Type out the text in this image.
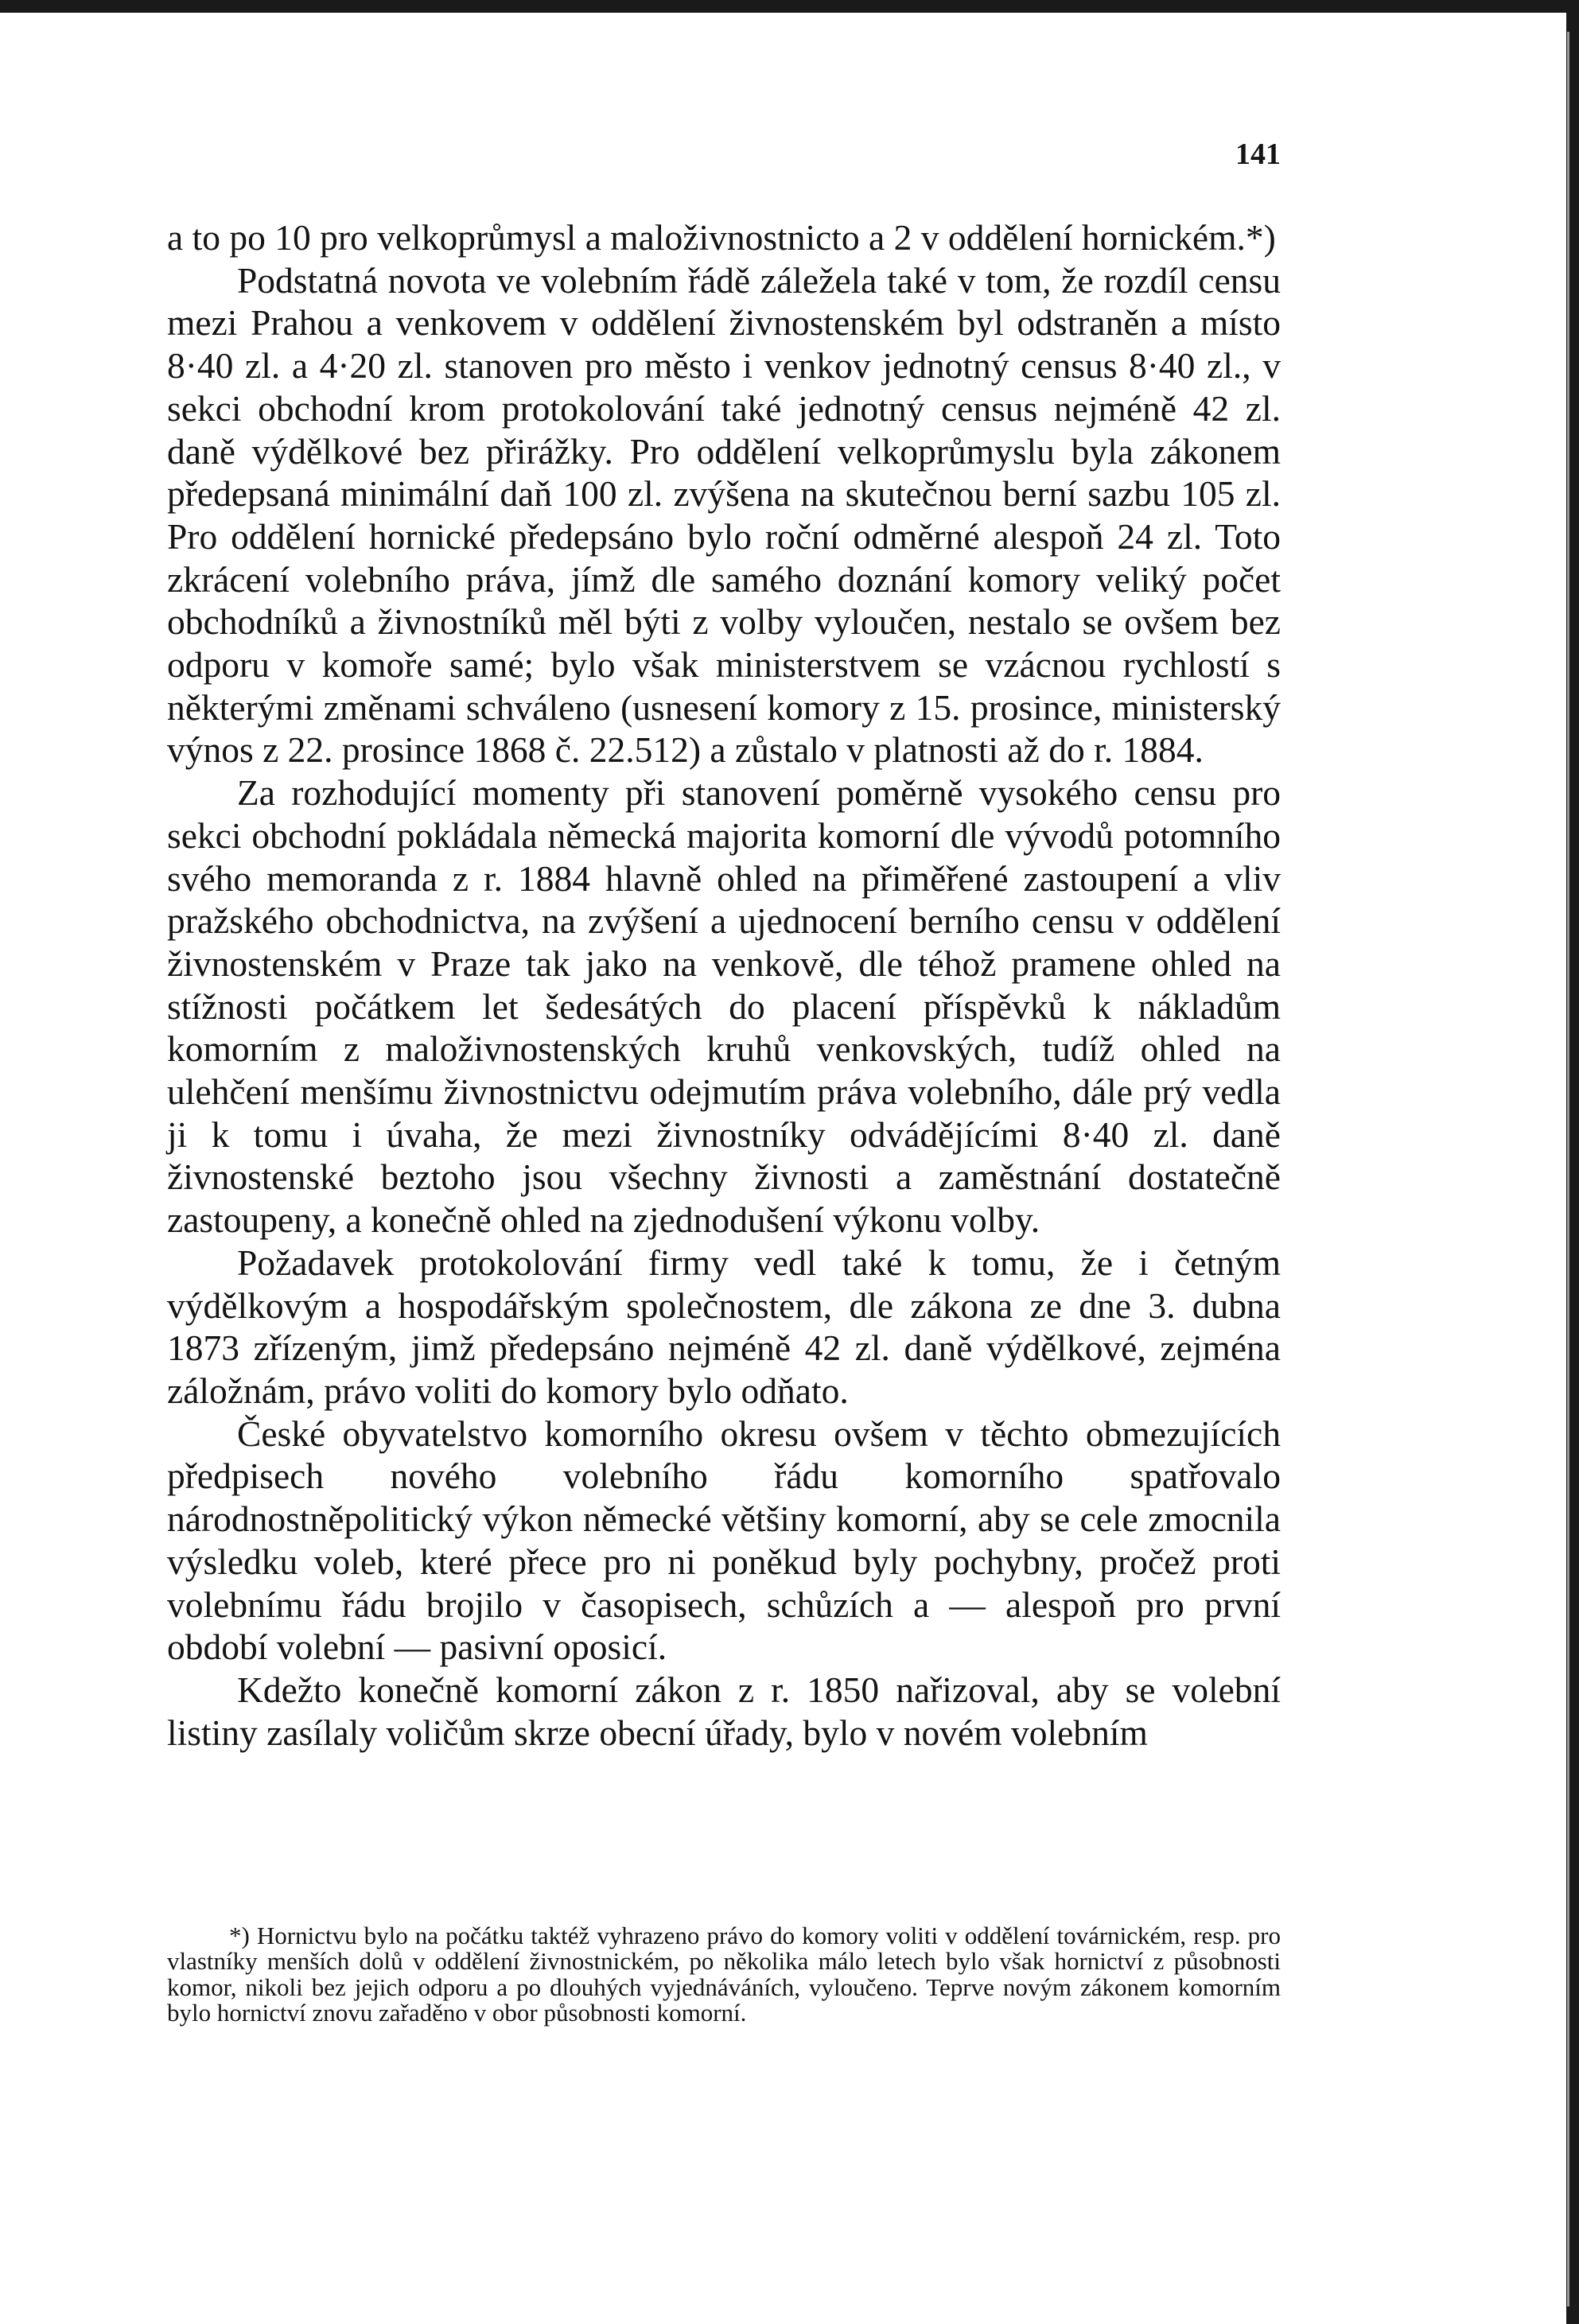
141

a to po 10 pro velkoprůmysl a maloživnostnicto a 2 v oddělení hornickém.*)

Podstatná novota ve volebním řádě záležela také v tom, že rozdíl censu mezi Prahou a venkovem v oddělení živnostenském byl odstraněn a místo 8·40 zl. a 4·20 zl. stanoven pro město i venkov jednotný census 8·40 zl., v sekci obchodní krom protokolování také jednotný census nejméně 42 zl. daně výdělkové bez přirážky. Pro oddělení velkoprůmyslu byla zákonem předepsaná minimální daň 100 zl. zvýšena na skutečnou berní sazbu 105 zl. Pro oddělení hornické předepsáno bylo roční odměrné alespoň 24 zl. Toto zkrácení volebního práva, jímž dle samého doznání komory veliký počet obchodníků a živnostníků měl býti z volby vyloučen, nestalo se ovšem bez odporu v komoře samé; bylo však ministerstvem se vzácnou rychlostí s některými změnami schváleno (usnesení komory z 15. prosince, ministerský výnos z 22. prosince 1868 č. 22.512) a zůstalo v platnosti až do r. 1884.

Za rozhodující momenty při stanovení poměrně vysokého censu pro sekci obchodní pokládala německá majorita komorní dle vývodů potomního svého memoranda z r. 1884 hlavně ohled na přiměřené zastoupení a vliv pražského obchodnictva, na zvýšení a ujednocení berního censu v oddělení živnostenském v Praze tak jako na venkově, dle téhož pramene ohled na stížnosti počátkem let šedesátých do placení příspěvků k nákladům komorním z maloživnostenských kruhů venkovských, tudíž ohled na ulehčení menšímu živnostnictvu odejmutím práva volebního, dále prý vedla ji k tomu i úvaha, že mezi živnostníky odvádějícími 8·40 zl. daně živnostenské beztoho jsou všechny živnosti a zaměstnání dostatečně zastoupeny, a konečně ohled na zjednodušení výkonu volby.

Požadavek protokolování firmy vedl také k tomu, že i četným výdělkovým a hospodářským společnostem, dle zákona ze dne 3. dubna 1873 zřízeným, jimž předepsáno nejméně 42 zl. daně výdělkové, zejména záložnám, právo voliti do komory bylo odňato.

České obyvatelstvo komorního okresu ovšem v těchto obmezujících předpisech nového volebního řádu komorního spatřovalo národnostněpolitický výkon německé většiny komorní, aby se cele zmocnila výsledku voleb, které přece pro ni poněkud byly pochybny, pročež proti volebnímu řádu brojilo v časopisech, schůzích a — alespoň pro první období volební — pasivní oposicí.

Kdežto konečně komorní zákon z r. 1850 nařizoval, aby se volební listiny zasílaly voličům skrze obecní úřady, bylo v novém volebním

*) Hornictvu bylo na počátku taktéž vyhrazeno právo do komory voliti v oddělení továrnickém, resp. pro vlastníky menších dolů v oddělení živnostnickém, po několika málo letech bylo však hornictví z působnosti komor, nikoli bez jejich odporu a po dlouhých vyjednáváních, vyloučeno. Teprve novým zákonem komorním bylo hornictví znovu zařaděno v obor působnosti komorní.
